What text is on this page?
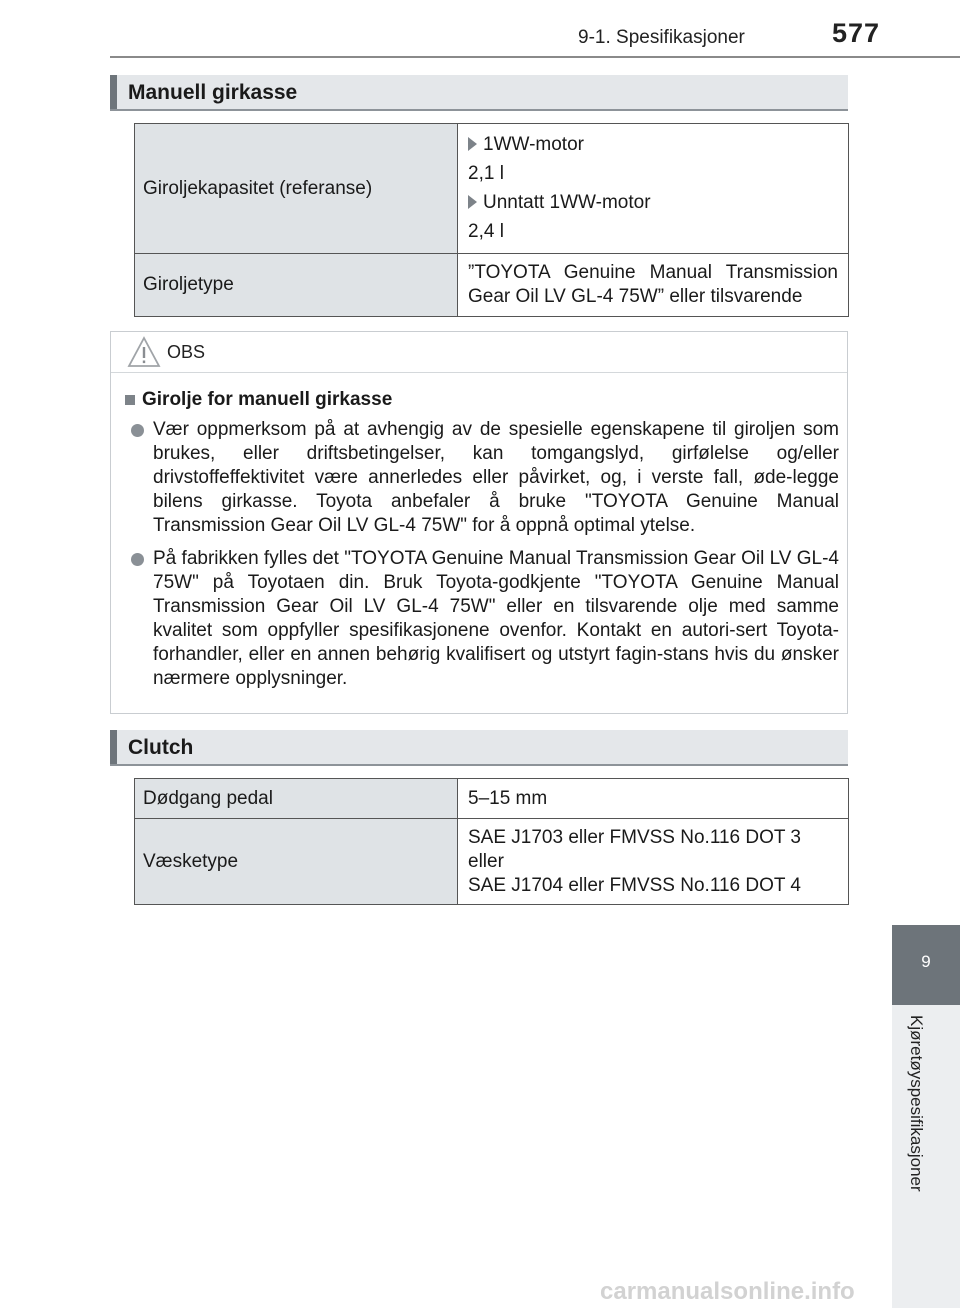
9-1. Spesifikasjoner	577
Manuell girkasse
Giroljekapasitet (referanse)	1WW-motor
2,1 l
Unntatt 1WW-motor
2,4 l

Giroljetype	”TOYOTA Genuine Manual Transmission Gear Oil LV GL-4 75W” eller tilsvarende
OBS
Girolje for manuell girkasse
Vær oppmerksom på at avhengig av de spesielle egenskapene til giroljen som brukes, eller driftsbetingelser, kan tomgangslyd, girfølelse og/eller drivstoffeffektivitet være annerledes eller påvirket, og, i verste fall, øde-legge bilens girkasse. Toyota anbefaler å bruke "TOYOTA Genuine Manual Transmission Gear Oil LV GL-4 75W" for å oppnå optimal ytelse.
På fabrikken fylles det "TOYOTA Genuine Manual Transmission Gear Oil LV GL-4 75W" på Toyotaen din. Bruk Toyota-godkjente "TOYOTA Genuine Manual Transmission Gear Oil LV GL-4 75W" eller en tilsvarende olje med samme kvalitet som oppfyller spesifikasjonene ovenfor. Kontakt en autori-sert Toyota-forhandler, eller en annen behørig kvalifisert og utstyrt fagin-stans hvis du ønsker nærmere opplysninger.
Clutch
Dødgang pedal	5–15 mm
Væsketype	SAE J1703 eller FMVSS No.116 DOT 3
eller
SAE J1704 eller FMVSS No.116 DOT 4
9
Kjøretøyspesifikasjoner
carmanualsonline.info
